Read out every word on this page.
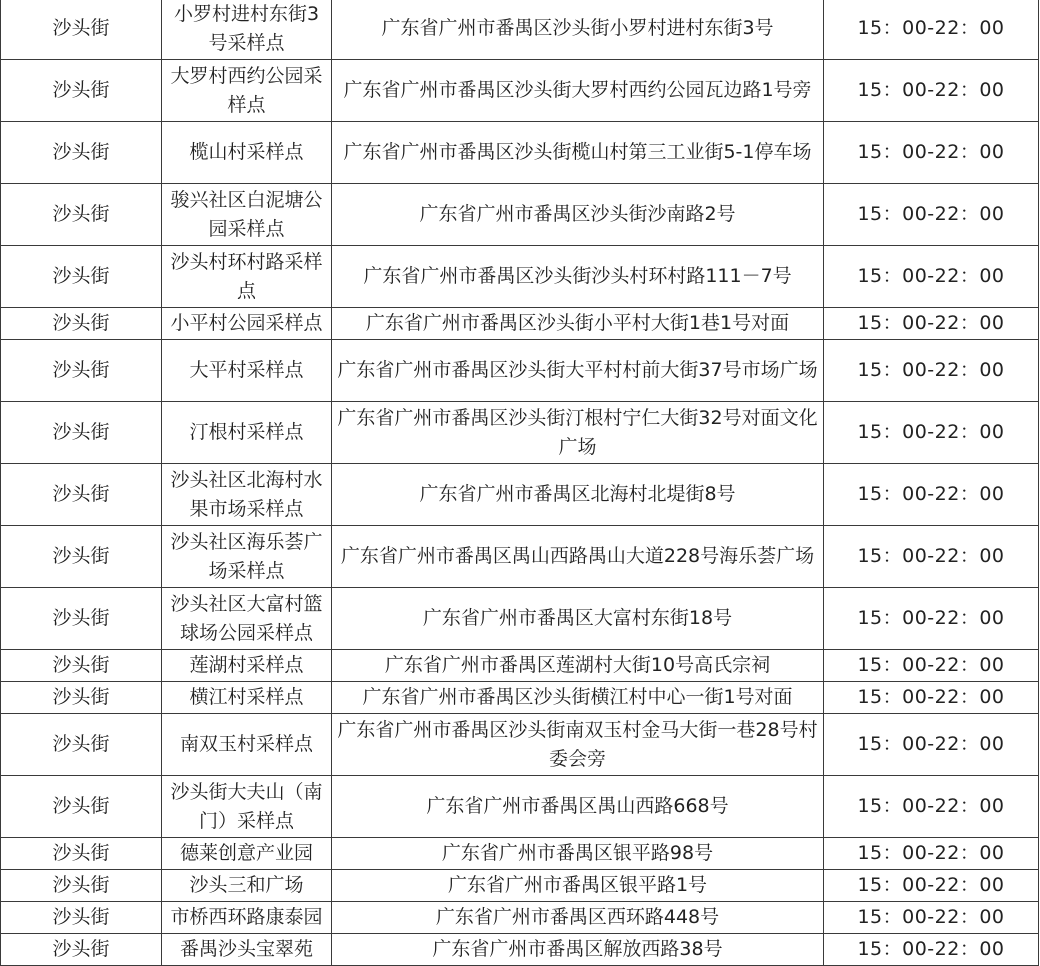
沙头街	小罗村进村东街3号采样点	广东省广州市番禺区沙头街小罗村进村东街3号	15：00-22：00
沙头街	大罗村西约公园采样点	广东省广州市番禺区沙头街大罗村西约公园瓦边路1号旁	15：00-22：00
沙头街	榄山村采样点	广东省广州市番禺区沙头街榄山村第三工业街5-1停车场	15：00-22：00
沙头街	骏兴社区白泥塘公园采样点	广东省广州市番禺区沙头街沙南路2号	15：00-22：00
沙头街	沙头村环村路采样点	广东省广州市番禺区沙头街沙头村环村路111－7号	15：00-22：00
沙头街	小平村公园采样点	广东省广州市番禺区沙头街小平村大街1巷1号对面	15：00-22：00
沙头街	大平村采样点	广东省广州市番禺区沙头街大平村村前大街37号市场广场	15：00-22：00
沙头街	汀根村采样点	广东省广州市番禺区沙头街汀根村宁仁大街32号对面文化广场	15：00-22：00
沙头街	沙头社区北海村水果市场采样点	广东省广州市番禺区北海村北堤街8号	15：00-22：00
沙头街	沙头社区海乐荟广场采样点	广东省广州市番禺区禺山西路禺山大道228号海乐荟广场	15：00-22：00
沙头街	沙头社区大富村篮球场公园采样点	广东省广州市番禺区大富村东街18号	15：00-22：00
沙头街	莲湖村采样点	广东省广州市番禺区莲湖村大街10号高氏宗祠	15：00-22：00
沙头街	横江村采样点	广东省广州市番禺区沙头街横江村中心一街1号对面	15：00-22：00
沙头街	南双玉村采样点	广东省广州市番禺区沙头街南双玉村金马大街一巷28号村委会旁	15：00-22：00
沙头街	沙头街大夫山（南门）采样点	广东省广州市番禺区禺山西路668号	15：00-22：00
沙头街	德莱创意产业园	广东省广州市番禺区银平路98号	15：00-22：00
沙头街	沙头三和广场	广东省广州市番禺区银平路1号	15：00-22：00
沙头街	市桥西环路康泰园	广东省广州市番禺区西环路448号	15：00-22：00
沙头街	番禺沙头宝翠苑	广东省广州市番禺区解放西路38号	15：00-22：00
